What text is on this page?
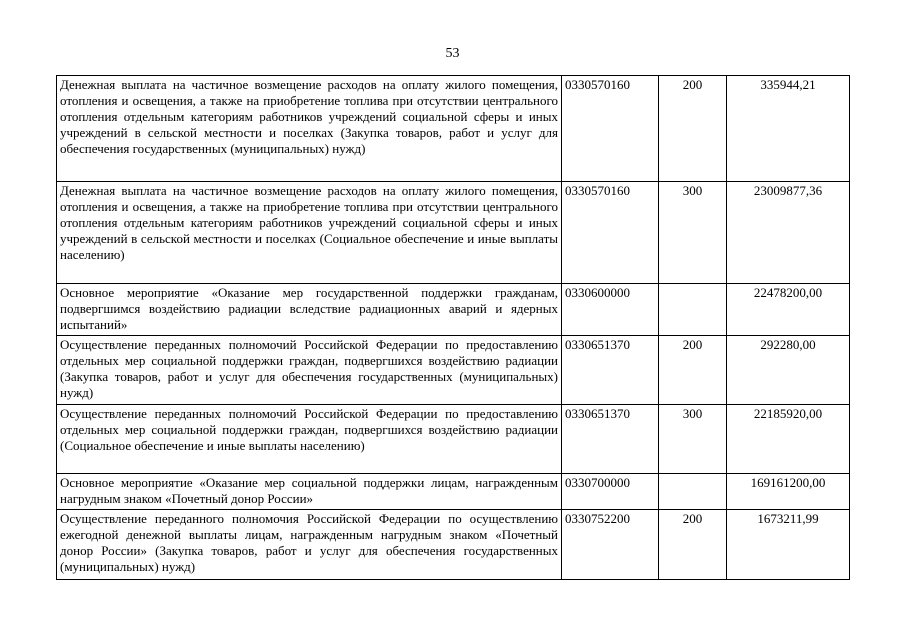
53
Денежная выплата на частичное возмещение расходов на оплату жилого помещения, отопления и освещения, а также на приобретение топлива при отсутствии центрального отопления отдельным категориям работников учреждений социальной сферы и иных учреждений в сельской местности и поселках (Закупка товаров, работ и услуг для обеспечения государственных (муниципальных) нужд)	0330570160	200	335944,21
Денежная выплата на частичное возмещение расходов на оплату жилого помещения, отопления и освещения, а также на приобретение топлива при отсутствии центрального отопления отдельным категориям работников учреждений социальной сферы и иных учреждений в сельской местности и поселках (Социальное обеспечение и иные выплаты населению)	0330570160	300	23009877,36
Основное мероприятие «Оказание мер государственной поддержки гражданам, подвергшимся воздействию радиации вследствие радиационных аварий и ядерных испытаний»	0330600000		22478200,00
Осуществление переданных полномочий Российской Федерации по предоставлению отдельных мер социальной поддержки граждан, подвергшихся воздействию радиации (Закупка товаров, работ и услуг для обеспечения государственных (муниципальных) нужд)	0330651370	200	292280,00
Осуществление переданных полномочий Российской Федерации по предоставлению отдельных мер социальной поддержки граждан, подвергшихся воздействию радиации (Социальное обеспечение и иные выплаты населению)	0330651370	300	22185920,00
Основное мероприятие «Оказание мер социальной поддержки лицам, награжденным нагрудным знаком «Почетный донор России»	0330700000		169161200,00
Осуществление переданного полномочия Российской Федерации по осуществлению ежегодной денежной выплаты лицам, награжденным нагрудным знаком «Почетный донор России» (Закупка товаров, работ и услуг для обеспечения государственных (муниципальных) нужд)	0330752200	200	1673211,99
